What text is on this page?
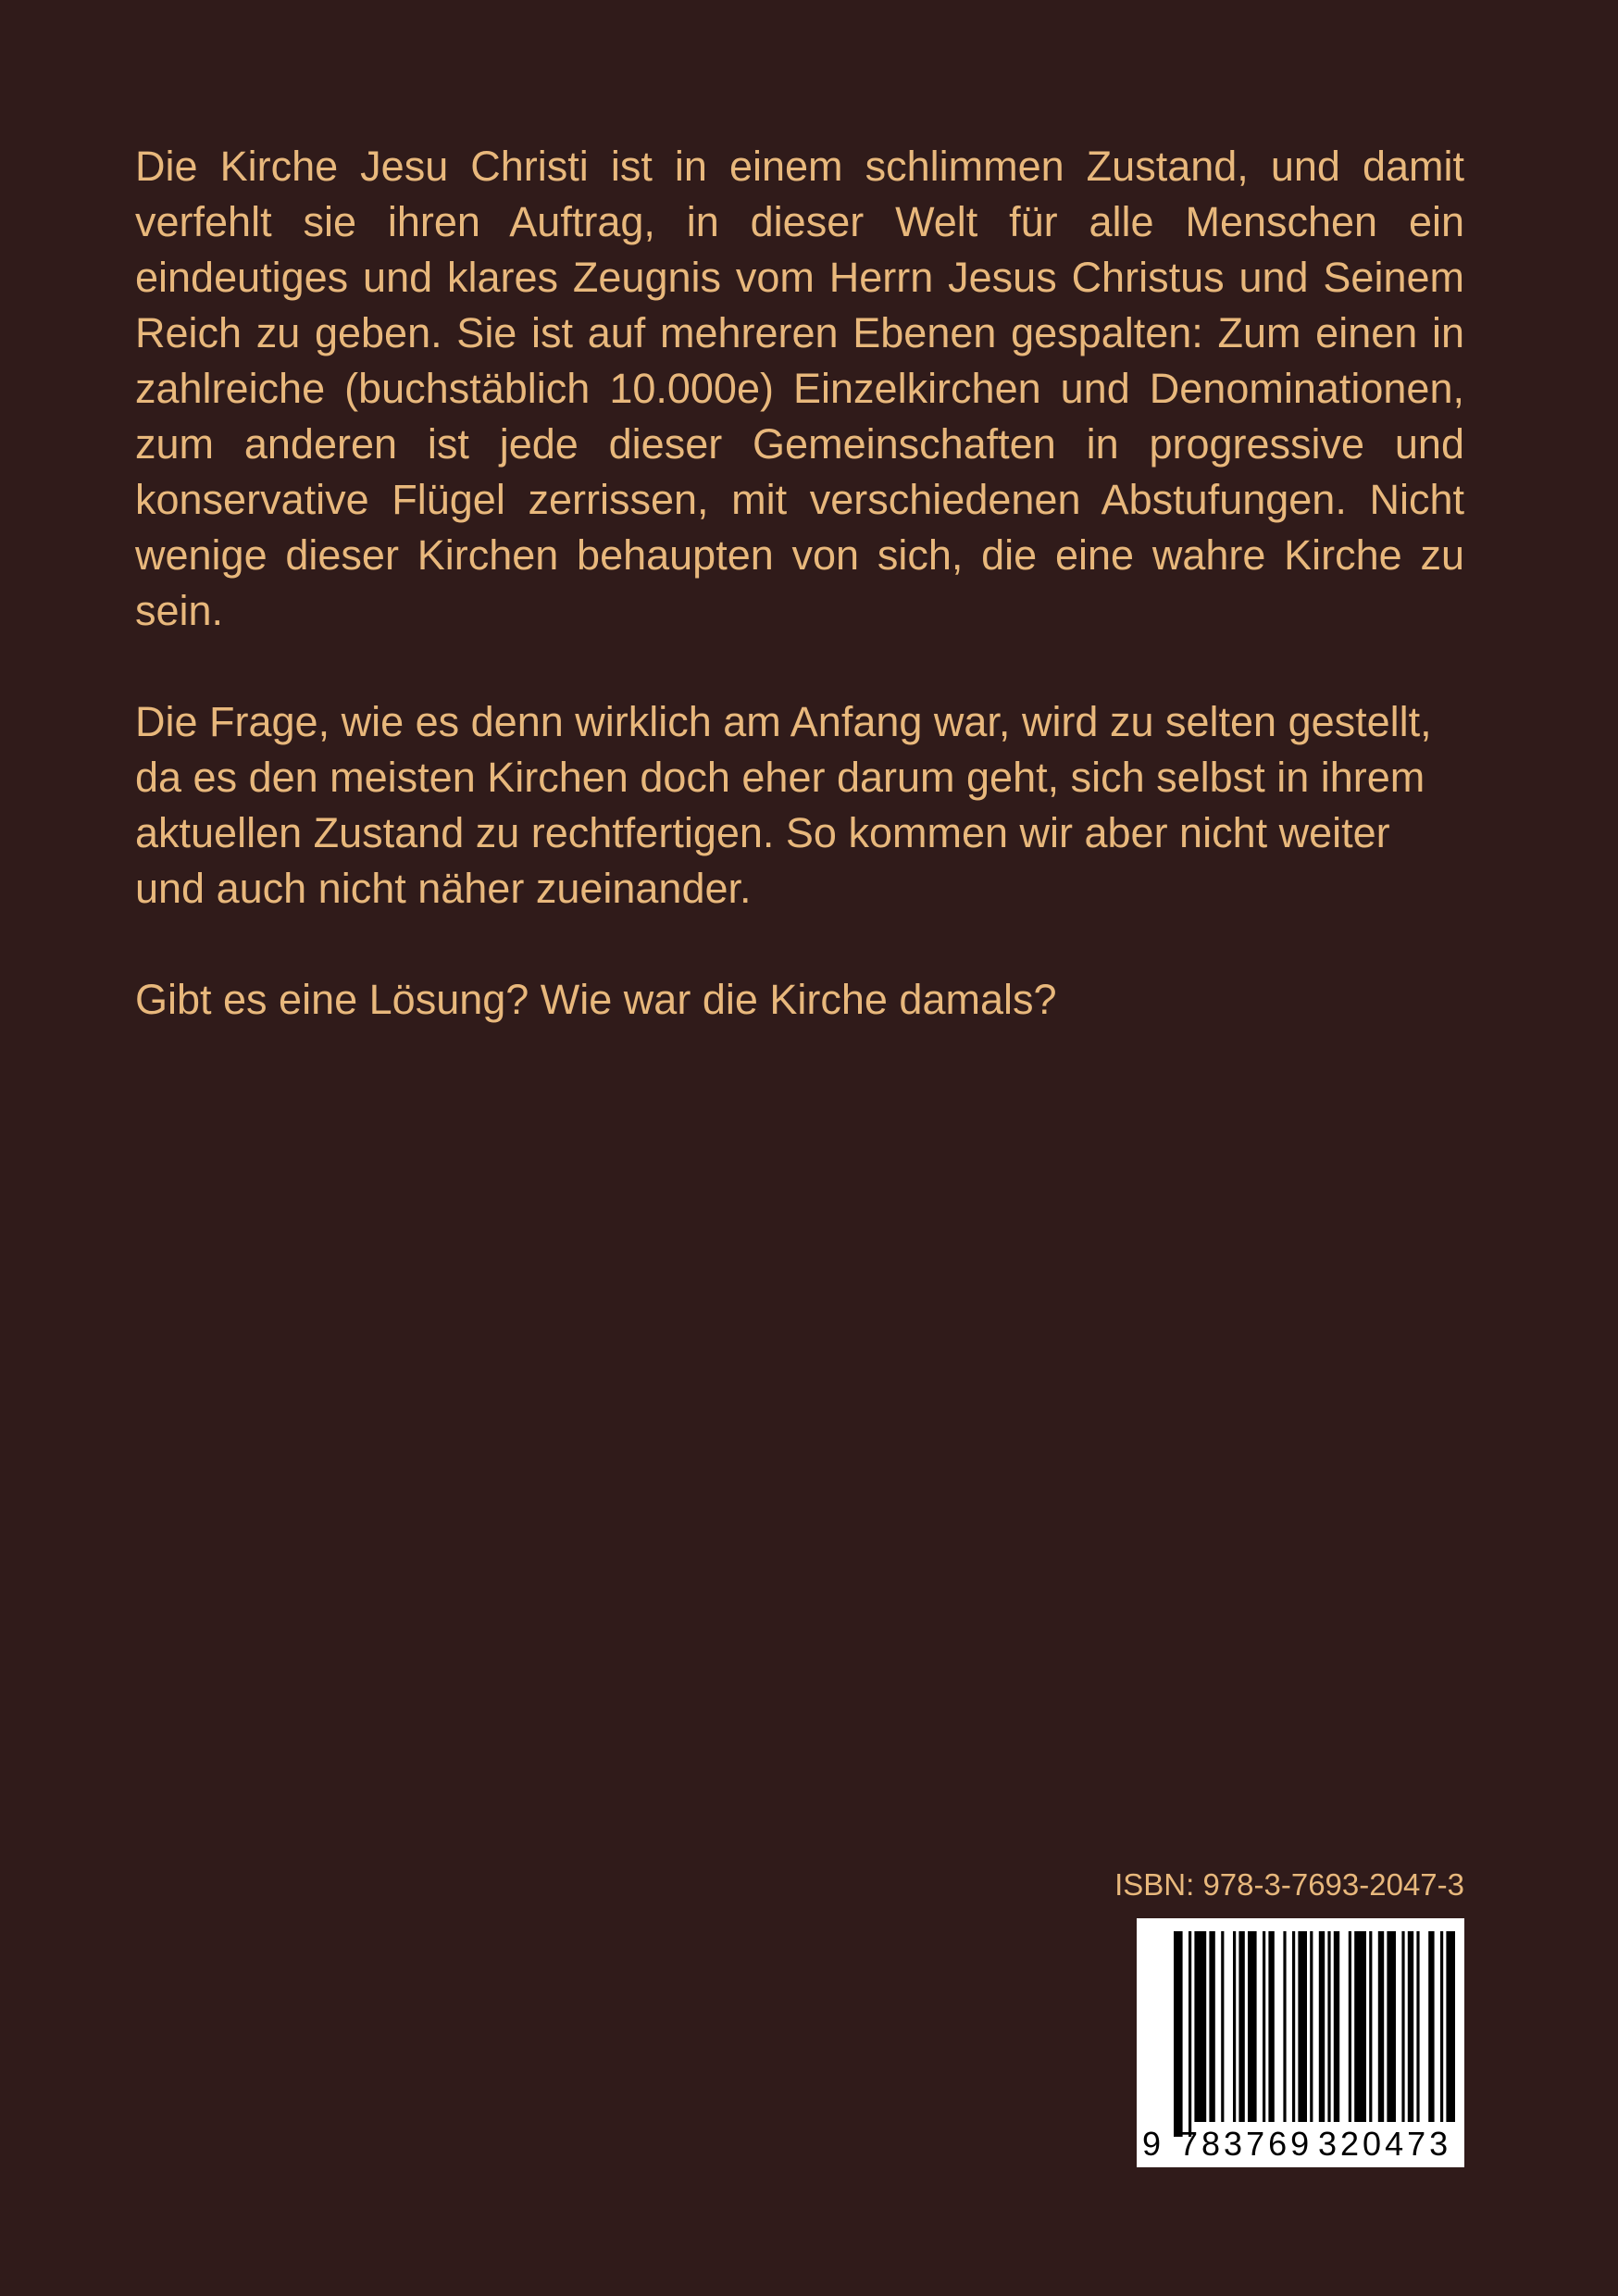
Die Kirche Jesu Christi ist in einem schlimmen Zustand, und damit verfehlt sie ihren Auftrag, in dieser Welt für alle Menschen ein eindeutiges und klares Zeugnis vom Herrn Jesus Christus und Seinem Reich zu geben. Sie ist auf mehreren Ebenen gespalten: Zum einen in zahlreiche (buchstäblich 10.000e) Einzelkirchen und Denominationen, zum anderen ist jede dieser Gemeinschaften in progressive und konservative Flügel zerrissen, mit verschiedenen Abstufungen. Nicht wenige dieser Kirchen behaupten von sich, die eine wahre Kirche zu sein.

Die Frage, wie es denn wirklich am Anfang war, wird zu selten gestellt, da es den meisten Kirchen doch eher darum geht, sich selbst in ihrem aktuellen Zustand zu rechtfertigen. So kommen wir aber nicht weiter und auch nicht näher zueinander.

Gibt es eine Lösung? Wie war die Kirche damals?

ISBN: 978-3-7693-2047-3
9 783769 320473
